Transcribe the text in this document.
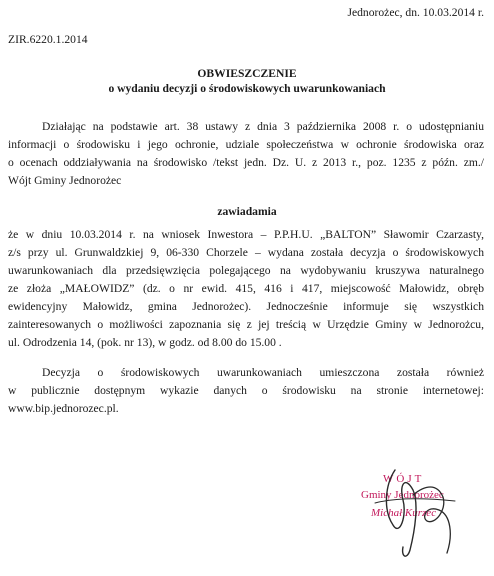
Jednorożec, dn. 10.03.2014 r.
ZIR.6220.1.2014
OBWIESZCZENIE
o wydaniu decyzji o środowiskowych uwarunkowaniach
Działając na podstawie art. 38 ustawy z dnia 3 października 2008 r. o udostępnianiu
informacji o środowisku i jego ochronie, udziale społeczeństwa w ochronie środowiska oraz
o ocenach oddziaływania na środowisko /tekst jedn. Dz. U. z 2013 r., poz. 1235 z późn. zm./
Wójt Gminy Jednorożec
zawiadamia
że w dniu 10.03.2014 r. na wniosek Inwestora – P.P.H.U. „BALTON” Sławomir Czarzasty,
z/s przy ul. Grunwaldzkiej 9, 06-330 Chorzele – wydana została decyzja o środowiskowych
uwarunkowaniach dla przedsięwzięcia polegającego na wydobywaniu kruszywa naturalnego
ze złoża „MAŁOWIDZ” (dz. o nr ewid. 415, 416 i 417, miejscowość Małowidz, obręb
ewidencyjny Małowidz, gmina Jednorożec). Jednocześnie informuje się wszystkich
zainteresowanych o możliwości zapoznania się z jej treścią w Urzędzie Gminy w Jednorożcu,
ul. Odrodzenia 14, (pok. nr 13), w godz. od 8.00 do 15.00 .
Decyzja o środowiskowych uwarunkowaniach umieszczona została również
w publicznie dostępnym wykazie danych o środowisku na stronie internetowej:
www.bip.jednorozec.pl.
WÓJT
Gminy Jednorożec
Michał Kurzec
